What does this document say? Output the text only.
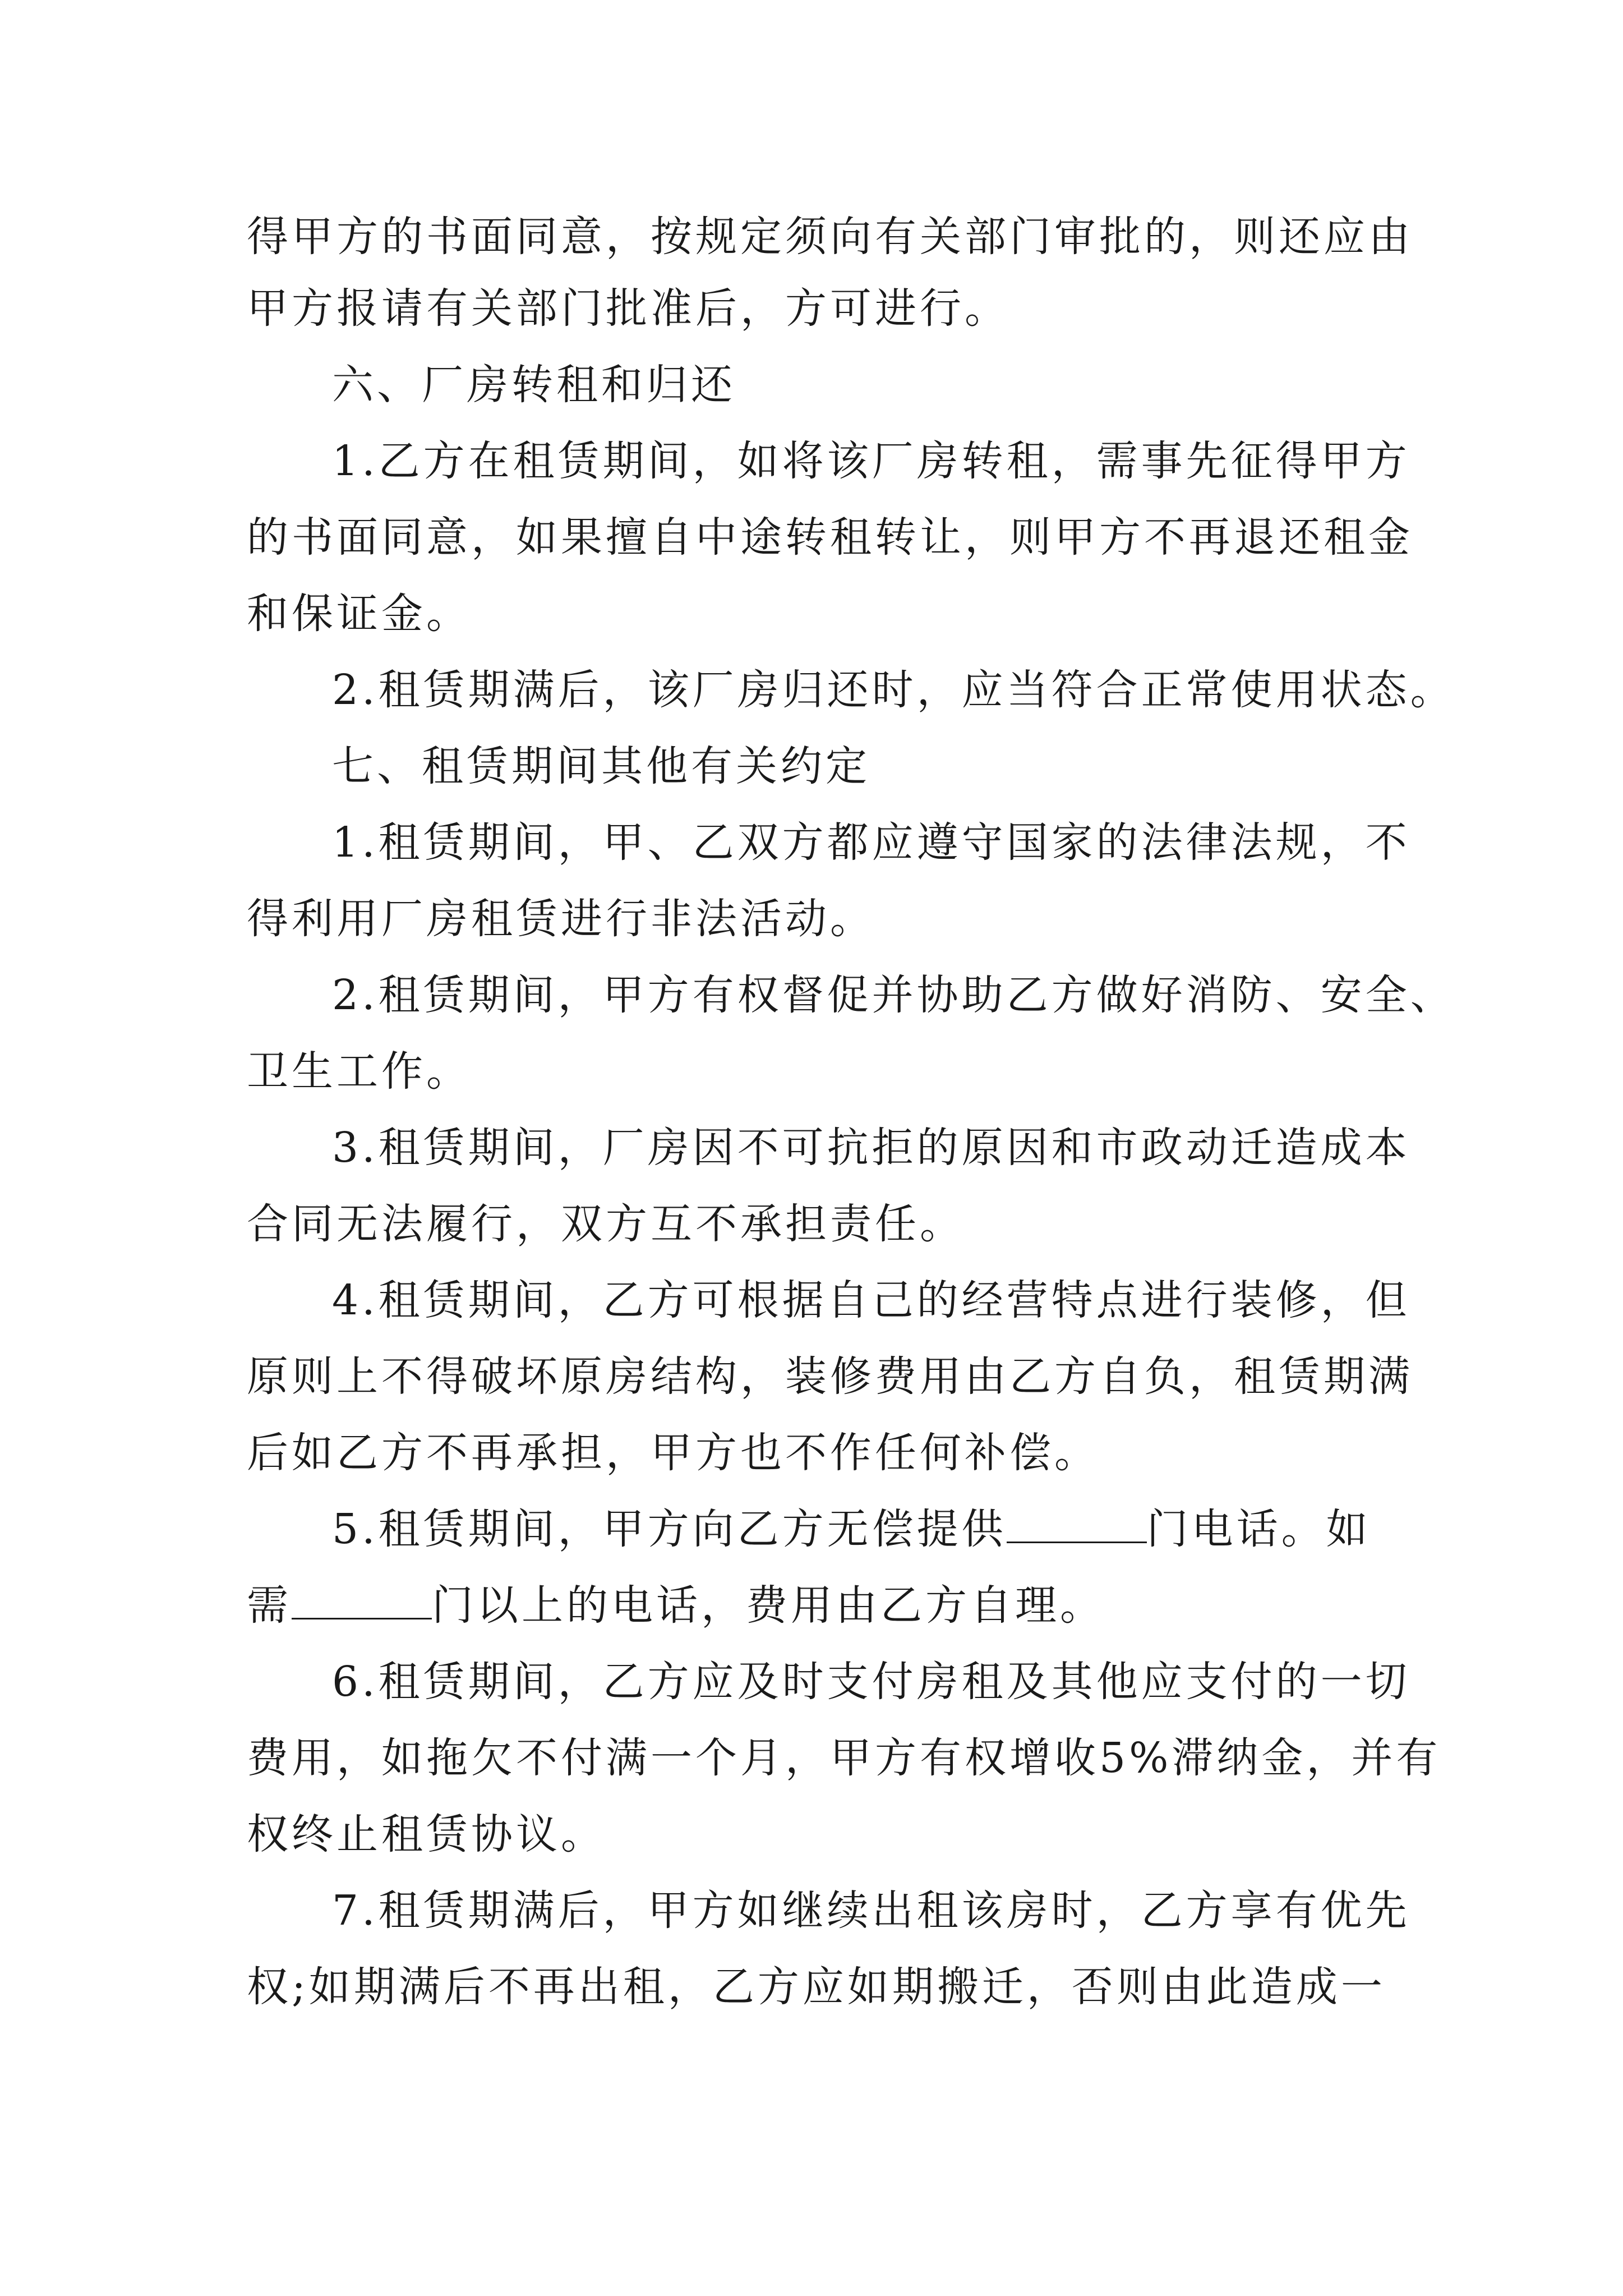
得甲方的书面同意，按规定须向有关部门审批的，则还应由
甲方报请有关部门批准后，方可进行。
六、厂房转租和归还
1.乙方在租赁期间，如将该厂房转租，需事先征得甲方
的书面同意，如果擅自中途转租转让，则甲方不再退还租金
和保证金。
2.租赁期满后，该厂房归还时，应当符合正常使用状态。
七、租赁期间其他有关约定
1.租赁期间，甲、乙双方都应遵守国家的法律法规，不
得利用厂房租赁进行非法活动。
2.租赁期间，甲方有权督促并协助乙方做好消防、安全、
卫生工作。
3.租赁期间，厂房因不可抗拒的原因和市政动迁造成本
合同无法履行，双方互不承担责任。
4.租赁期间，乙方可根据自己的经营特点进行装修，但
原则上不得破坏原房结构，装修费用由乙方自负，租赁期满
后如乙方不再承担，甲方也不作任何补偿。
5.租赁期间，甲方向乙方无偿提供	门电话。如
需	门以上的电话，费用由乙方自理。
6.租赁期间，乙方应及时支付房租及其他应支付的一切
费用，如拖欠不付满一个月，甲方有权增收5%滞纳金，并有
权终止租赁协议。
7.租赁期满后，甲方如继续出租该房时，乙方享有优先
权;如期满后不再出租，乙方应如期搬迁，否则由此造成一
